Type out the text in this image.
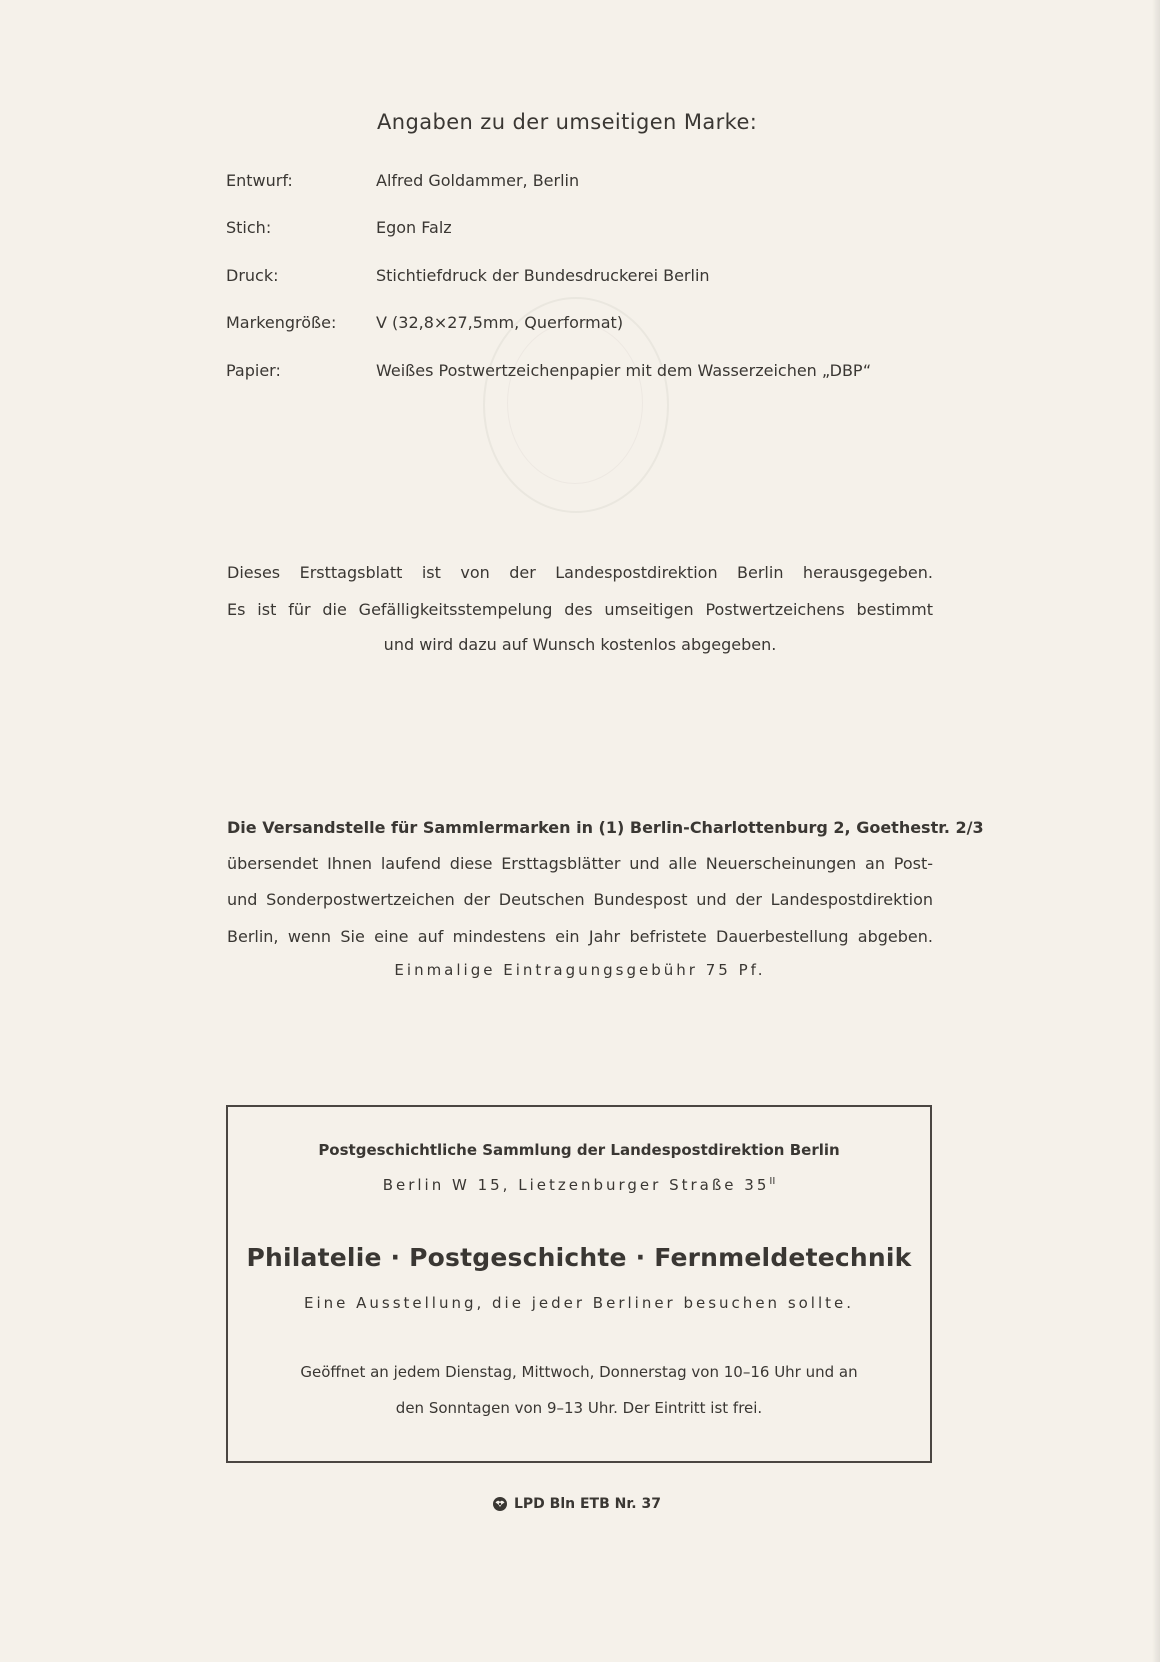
Angaben zu der umseitigen Marke:
Entwurf:	Alfred Goldammer, Berlin
Stich:	Egon Falz
Druck:	Stichtiefdruck der Bundesdruckerei Berlin
Markengröße: V (32,8×27,5mm, Querformat)
Papier:	Weißes Postwertzeichenpapier mit dem Wasserzeichen „DBP“
Dieses Ersttagsblatt ist von der Landespostdirektion Berlin herausgegeben.
Es ist für die Gefälligkeitsstempelung des umseitigen Postwertzeichens bestimmt
und wird dazu auf Wunsch kostenlos abgegeben.
Die Versandstelle für Sammlermarken in (1) Berlin-Charlottenburg 2, Goethestr. 2/3
übersendet Ihnen laufend diese Ersttagsblätter und alle Neuerscheinungen an Post-
und Sonderpostwertzeichen der Deutschen Bundespost und der Landespostdirektion
Berlin, wenn Sie eine auf mindestens ein Jahr befristete Dauerbestellung abgeben.
Einmalige Eintragungsgebühr 75 Pf.
Postgeschichtliche Sammlung der Landespostdirektion Berlin
Berlin W 15, Lietzenburger Straße $35^{II}$
Philatelie · Postgeschichte · Fernmeldetechnik
Eine Ausstellung, die jeder Berliner besuchen sollte.
Geöffnet an jedem Dienstag, Mittwoch, Donnerstag von 10–16 Uhr und an
den Sonntagen von 9–13 Uhr. Der Eintritt ist frei.
LPD Bln ETB Nr. 37
